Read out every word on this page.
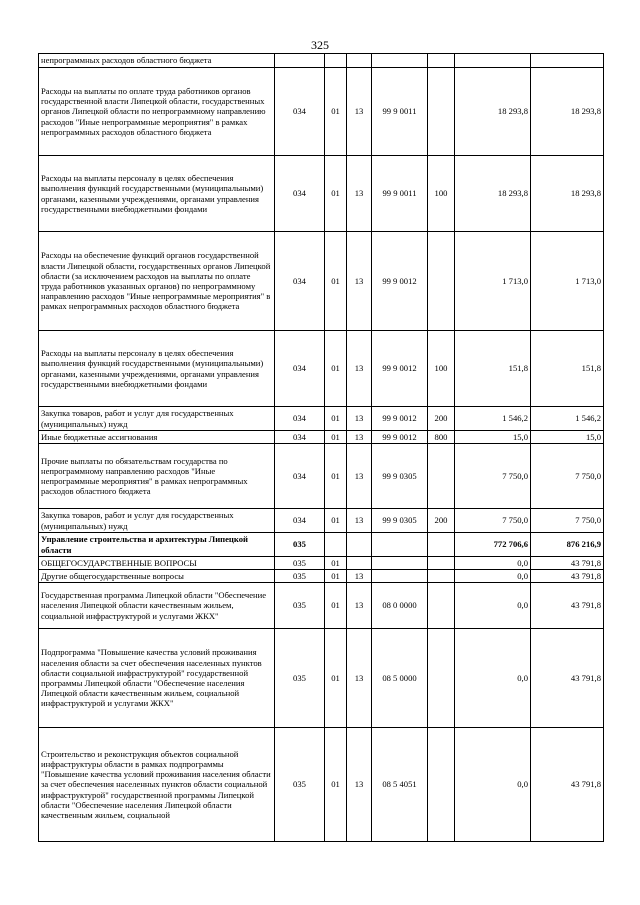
325
непрограммных расходов областного бюджета							
Расходы на выплаты по оплате труда работников органов государственной власти Липецкой области, государственных органов Липецкой области по непрограммному направлению расходов "Иные непрограммные мероприятия" в рамках непрограммных расходов областного бюджета	034	01	13	99 9 0011		18 293,8	18 293,8
Расходы на выплаты персоналу в целях обеспечения выполнения функций государственными (муниципальными) органами, казенными учреждениями, органами управления государственными внебюджетными фондами	034	01	13	99 9 0011	100	18 293,8	18 293,8
Расходы на обеспечение функций органов государственной власти Липецкой области, государственных органов Липецкой области (за исключением расходов на выплаты по оплате труда работников указанных органов) по непрограммному направлению расходов "Иные непрограммные мероприятия" в рамках непрограммных расходов областного бюджета	034	01	13	99 9 0012		1 713,0	1 713,0
Расходы на выплаты персоналу в целях обеспечения выполнения функций государственными (муниципальными) органами, казенными учреждениями, органами управления государственными внебюджетными фондами	034	01	13	99 9 0012	100	151,8	151,8
Закупка товаров, работ и услуг для государственных (муниципальных) нужд	034	01	13	99 9 0012	200	1 546,2	1 546,2
Иные бюджетные ассигнования	034	01	13	99 9 0012	800	15,0	15,0
Прочие выплаты по обязательствам государства по непрограммному направлению расходов "Иные непрограммные мероприятия" в рамках непрограммных расходов областного бюджета	034	01	13	99 9 0305		7 750,0	7 750,0
Закупка товаров, работ и услуг для государственных (муниципальных) нужд	034	01	13	99 9 0305	200	7 750,0	7 750,0
Управление строительства и архитектуры Липецкой области	035					772 706,6	876 216,9
ОБЩЕГОСУДАРСТВЕННЫЕ ВОПРОСЫ	035	01				0,0	43 791,8
Другие общегосударственные вопросы	035	01	13			0,0	43 791,8
Государственная программа Липецкой области "Обеспечение населения Липецкой области качественным жильем, социальной инфраструктурой и услугами ЖКХ"	035	01	13	08 0 0000		0,0	43 791,8
Подпрограмма "Повышение качества условий проживания населения области за счет обеспечения населенных пунктов области социальной инфраструктурой" государственной программы Липецкой области "Обеспечение населения Липецкой области качественным жильем, социальной инфраструктурой и услугами ЖКХ"	035	01	13	08 5 0000		0,0	43 791,8
Строительство и реконструкция объектов социальной инфраструктуры области в рамках подпрограммы "Повышение качества условий проживания населения области за счет обеспечения населенных пунктов области социальной инфраструктурой" государственной программы Липецкой области "Обеспечение населения Липецкой области качественным жильем, социальной	035	01	13	08 5 4051		0,0	43 791,8
